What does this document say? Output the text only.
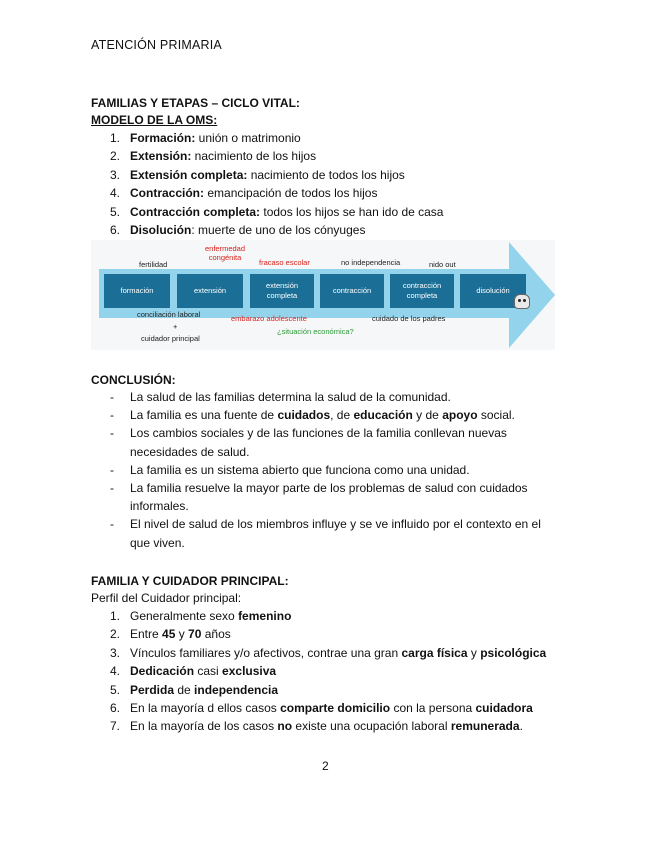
ATENCIÓN PRIMARIA
FAMILIAS Y ETAPAS – CICLO VITAL:
MODELO DE LA OMS:
1. Formación: unión o matrimonio
2. Extensión: nacimiento de los hijos
3. Extensión completa: nacimiento de todos los hijos
4. Contracción: emancipación de todos los hijos
5. Contracción completa: todos los hijos se han ido de casa
6. Disolución: muerte de uno de los cónyuges
formación	extensión
extensión completa
contracción
contracción completa
disolución
fertilidad
enfermedad congénita
fracaso escolar	no independencia	nido out
conciliación laboral
+
cuidador principal
embarazo adolescente
¿situación económica?
cuidado de los padres
CONCLUSIÓN:
- La salud de las familias determina la salud de la comunidad.
- La familia es una fuente de cuidados, de educación y de apoyo social.
- Los cambios sociales y de las funciones de la familia conllevan nuevas necesidades de salud.
- La familia es un sistema abierto que funciona como una unidad.
- La familia resuelve la mayor parte de los problemas de salud con cuidados informales.
- El nivel de salud de los miembros influye y se ve influido por el contexto en el que viven.
FAMILIA Y CUIDADOR PRINCIPAL:
Perfil del Cuidador principal:
1. Generalmente sexo femenino
2. Entre 45 y 70 años
3. Vínculos familiares y/o afectivos, contrae una gran carga física y psicológica
4. Dedicación casi exclusiva
5. Perdida de independencia
6. En la mayoría d ellos casos comparte domicilio con la persona cuidadora
7. En la mayoría de los casos no existe una ocupación laboral remunerada.
2
